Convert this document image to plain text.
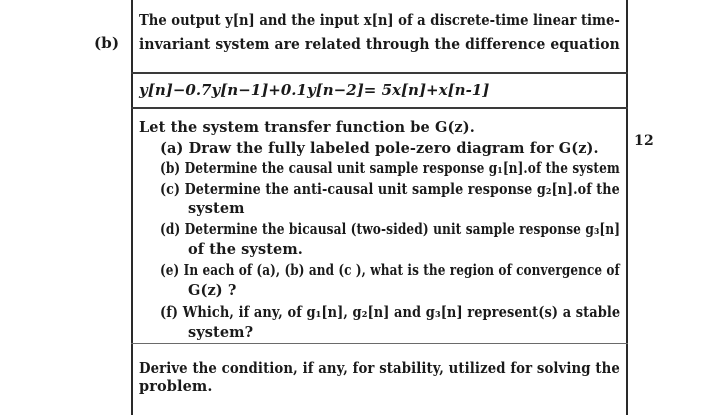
(b)
12
The output y[n] and the input x[n] of a discrete-time linear time-
invariant system are related through the difference equation
y[n]−0.7y[n−1]+0.1y[n−2]= 5x[n]+x[n-1]
Let the system transfer function be G(z).
(a) Draw the fully labeled pole-zero diagram for G(z).
(b) Determine the causal unit sample response g₁[n].of the system
(c) Determine the anti-causal unit sample response g₂[n].of the
system
(d) Determine the bicausal (two-sided) unit sample response g₃[n]
of the system.
(e) In each of (a), (b) and (c ), what is the region of convergence of
G(z) ?
(f) Which, if any, of g₁[n], g₂[n] and g₃[n] represent(s) a stable
system?
Derive the condition, if any, for stability, utilized for solving the
problem.
